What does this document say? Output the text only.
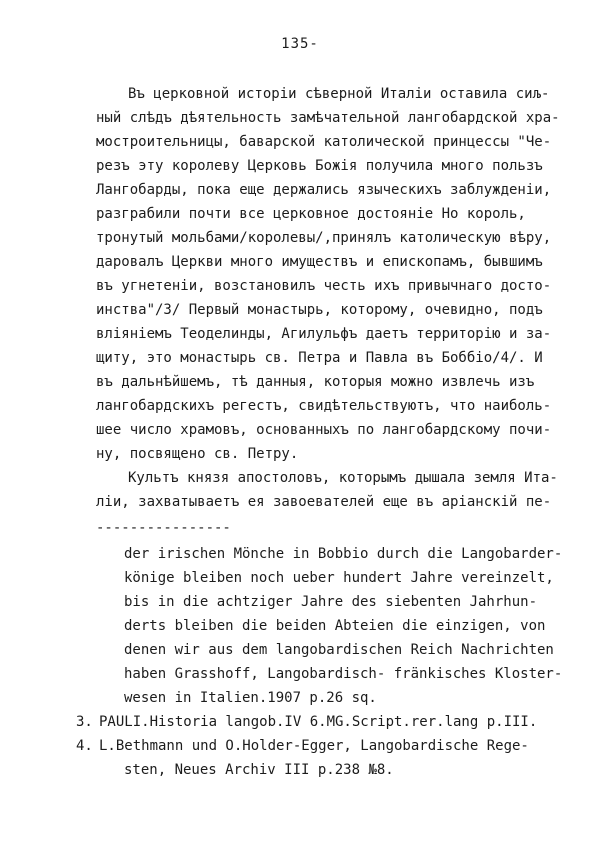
135-
Въ церковной исторіи сѣверной Италіи оставила сиљ-
ный слѣдъ дѣятельность замѣчательной лангобардской хра-
мостроительницы, баварской католической принцессы "Че-
резъ эту королеву Церковь Божія получила много пользъ
Лангобарды, пока еще держались языческихъ заблужденіи,
разграбили почти все церковное достояніе Но король,
тронутый мольбами/королевы/,принялъ католическую вѣру,
даровалъ Церкви много имуществъ и епископамъ, бывшимъ
въ угнетеніи, возстановилъ честь ихъ привычнаго досто-
инства"/3/ Первый монастырь, которому, очевидно, подъ
вліяніемъ Теоделинды, Агилульфъ даетъ территорію и за-
щиту, это монастырь св. Петра и Павла въ Боббіо/4/. И
въ дальнѣйшемъ, тѣ данныя, которыя можно извлечь изъ
лангобардскихъ регестъ, свидѣтельствуютъ, что наиболь-
шее число храмовъ, основанныхъ по лангобардскому почи-
ну, посвящено св. Петру.
Культъ князя апостоловъ, которымъ дышала земля Ита-
ліи, захватываетъ ея завоевателей еще въ аріанскій пе-
----------------
der irischen Mönche in Bobbio durch die Langobarder-
könige bleiben noch ueber hundert Jahre vereinzelt,
bis in die achtziger Jahre des siebenten Jahrhun-
derts bleiben die beiden Abteien die einzigen, von
denen wir aus dem langobardischen Reich Nachrichten
haben Grasshoff, Langobardisch- fränkisches Kloster-
wesen in Italien.1907 p.26 sq.
3. PAULI.Historia langob.IV 6.MG.Script.rer.lang p.III.
4. L.Bethmann und O.Holder-Egger, Langobardische Rege-
sten, Neues Archiv III p.238 №8.
